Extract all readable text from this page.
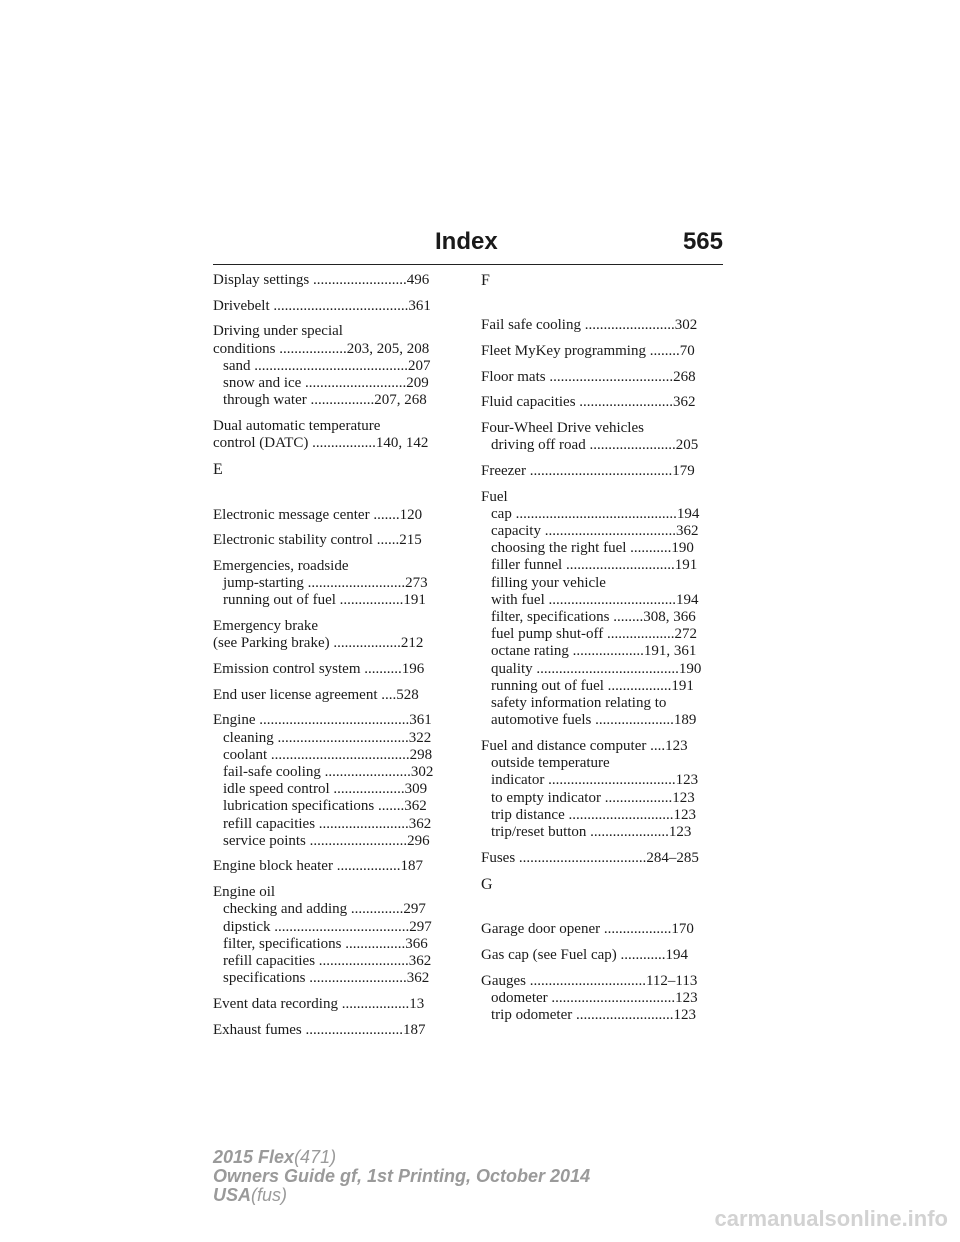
Index	565
Display settings .........................496
Drivebelt ....................................361
Driving under special
conditions ..................203, 205, 208
sand .........................................207
snow and ice ...........................209
through water .................207, 268
Dual automatic temperature
control (DATC) .................140, 142
E
Electronic message center .......120
Electronic stability control ......215
Emergencies, roadside
jump-starting ..........................273
running out of fuel .................191
Emergency brake
(see Parking brake) ..................212
Emission control system ..........196
End user license agreement ....528
Engine ........................................361
cleaning ...................................322
coolant .....................................298
fail-safe cooling .......................302
idle speed control ...................309
lubrication specifications .......362
refill capacities ........................362
service points ..........................296
Engine block heater .................187
Engine oil
checking and adding ..............297
dipstick ....................................297
filter, specifications ................366
refill capacities ........................362
specifications ..........................362
Event data recording ..................13
Exhaust fumes ..........................187
F
Fail safe cooling ........................302
Fleet MyKey programming ........70
Floor mats .................................268
Fluid capacities .........................362
Four-Wheel Drive vehicles
driving off road .......................205
Freezer ......................................179
Fuel
cap ...........................................194
capacity ...................................362
choosing the right fuel ...........190
filler funnel .............................191
filling your vehicle
with fuel ..................................194
filter, specifications ........308, 366
fuel pump shut-off ..................272
octane rating ...................191, 361
quality ......................................190
running out of fuel .................191
safety information relating to
automotive fuels .....................189
Fuel and distance computer ....123
outside temperature
indicator ..................................123
to empty indicator ..................123
trip distance ............................123
trip/reset button .....................123
Fuses ..................................284–285
G
Garage door opener ..................170
Gas cap (see Fuel cap) ............194
Gauges ...............................112–113
odometer .................................123
trip odometer ..........................123
2015 Flex(471)
Owners Guide gf, 1st Printing, October 2014
USA(fus)
carmanualsonline.info
